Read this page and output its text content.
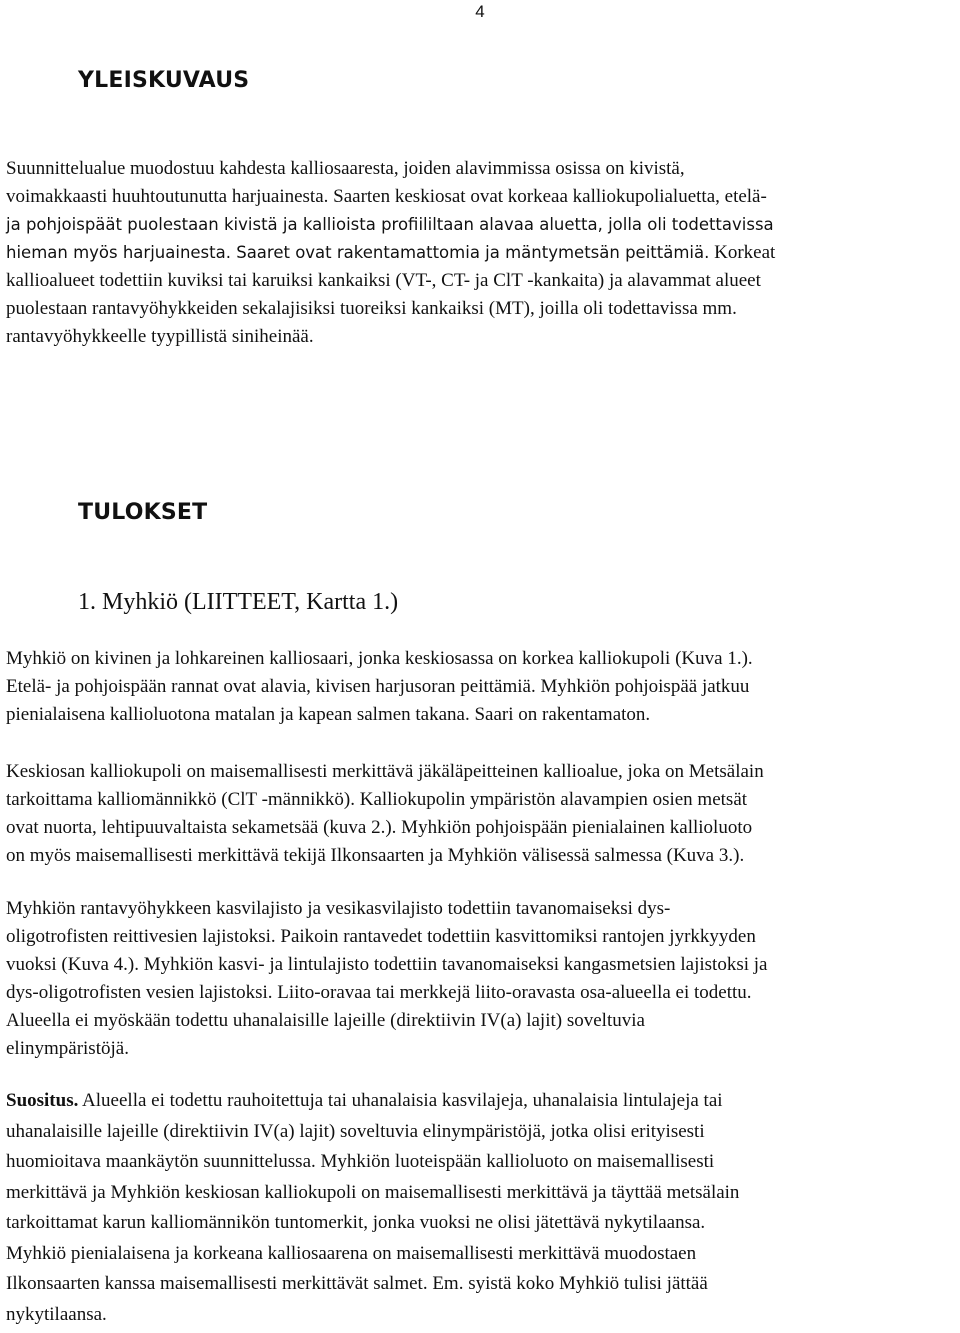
4
YLEISKUVAUS
Suunnittelualue muodostuu kahdesta kalliosaaresta, joiden alavimmissa osissa on kivistä,
voimakkaasti huuhtoutunutta harjuainesta. Saarten keskiosat ovat korkeaa kalliokupolialuetta, etelä-
ja pohjoispäät puolestaan kivistä ja kallioista profiililtaan alavaa aluetta, jolla oli todettavissa
hieman myös harjuainesta. Saaret ovat rakentamattomia ja mäntymetsän peittämiä. Korkeat
kallioalueet todettiin kuviksi tai karuiksi kankaiksi (VT-, CT- ja ClT -kankaita) ja alavammat alueet
puolestaan rantavyöhykkeiden sekalajisiksi tuoreiksi kankaiksi (MT), joilla oli todettavissa mm.
rantavyöhykkeelle tyypillistä siniheinää.
TULOKSET
1. Myhkiö (LIITTEET, Kartta 1.)
Myhkiö on kivinen ja lohkareinen kalliosaari, jonka keskiosassa on korkea kalliokupoli (Kuva 1.).
Etelä- ja pohjoispään rannat ovat alavia, kivisen harjusoran peittämiä. Myhkiön pohjoispää jatkuu
pienialaisena kallioluotona matalan ja kapean salmen takana. Saari on rakentamaton.
Keskiosan kalliokupoli on maisemallisesti merkittävä jäkäläpeitteinen kallioalue, joka on Metsälain
tarkoittama kalliomännikkö (ClT -männikkö). Kalliokupolin ympäristön alavampien osien metsät
ovat nuorta, lehtipuuvaltaista sekametsää (kuva 2.). Myhkiön pohjoispään pienialainen kallioluoto
on myös maisemallisesti merkittävä tekijä Ilkonsaarten ja Myhkiön välisessä salmessa (Kuva 3.).
Myhkiön rantavyöhykkeen kasvilajisto ja vesikasvilajisto todettiin tavanomaiseksi dys-
oligotrofisten reittivesien lajistoksi. Paikoin rantavedet todettiin kasvittomiksi rantojen jyrkkyyden
vuoksi (Kuva 4.). Myhkiön kasvi- ja lintulajisto todettiin tavanomaiseksi kangasmetsien lajistoksi ja
dys-oligotrofisten vesien lajistoksi. Liito-oravaa tai merkkejä liito-oravasta osa-alueella ei todettu.
Alueella ei myöskään todettu uhanalaisille lajeille (direktiivin IV(a) lajit) soveltuvia
elinympäristöjä.
Suositus. Alueella ei todettu rauhoitettuja tai uhanalaisia kasvilajeja, uhanalaisia lintulajeja tai
uhanalaisille lajeille (direktiivin IV(a) lajit) soveltuvia elinympäristöjä, jotka olisi erityisesti
huomioitava maankäytön suunnittelussa. Myhkiön luoteispään kallioluoto on maisemallisesti
merkittävä ja Myhkiön keskiosan kalliokupoli on maisemallisesti merkittävä ja täyttää metsälain
tarkoittamat karun kalliomännikön tuntomerkit, jonka vuoksi ne olisi jätettävä nykytilaansa.
Myhkiö pienialaisena ja korkeana kalliosaarena on maisemallisesti merkittävä muodostaen
Ilkonsaarten kanssa maisemallisesti merkittävät salmet. Em. syistä koko Myhkiö tulisi jättää
nykytilaansa.
